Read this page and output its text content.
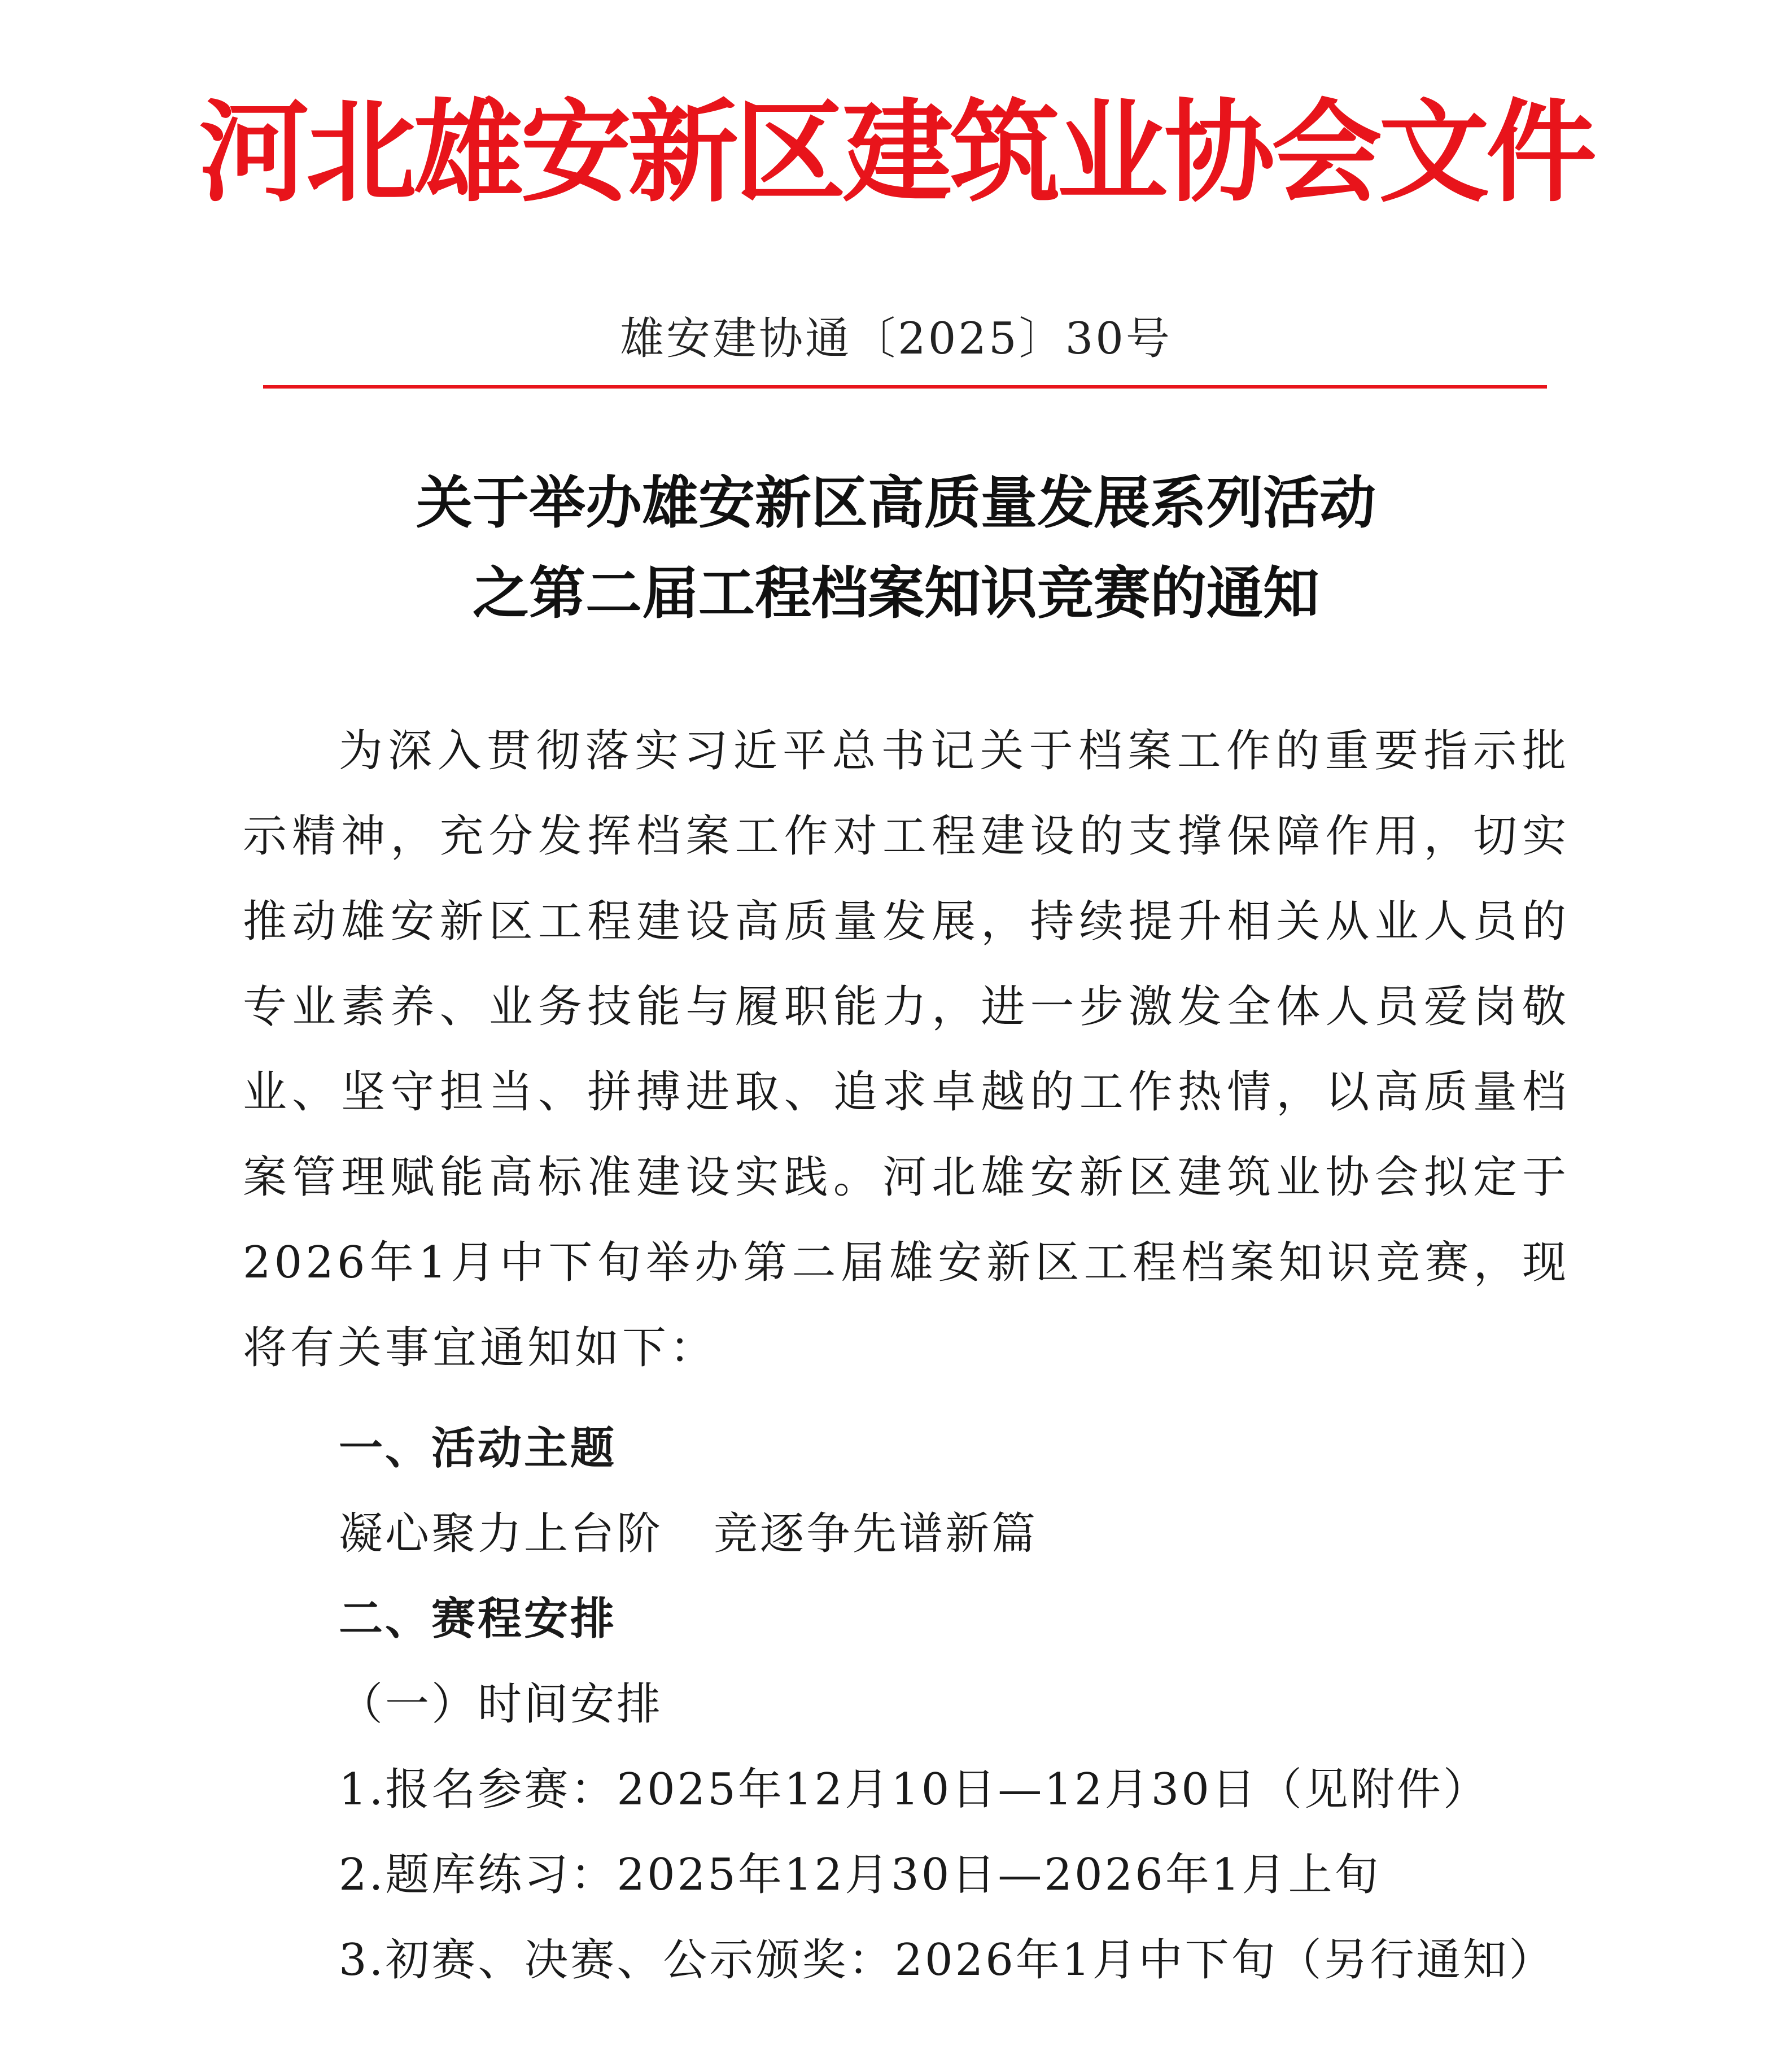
河北雄安新区建筑业协会文件
雄安建协通〔2025〕30号
关于举办雄安新区高质量发展系列活动
之第二届工程档案知识竞赛的通知
为深入贯彻落实习近平总书记关于档案工作的重要指示批示精神，充分发挥档案工作对工程建设的支撑保障作用，切实推动雄安新区工程建设高质量发展，持续提升相关从业人员的专业素养、业务技能与履职能力，进一步激发全体人员爱岗敬业、坚守担当、拼搏进取、追求卓越的工作热情，以高质量档案管理赋能高标准建设实践。河北雄安新区建筑业协会拟定于2026年1月中下旬举办第二届雄安新区工程档案知识竞赛，现将有关事宜通知如下：
一、活动主题
凝心聚力上台阶 竞逐争先谱新篇
二、赛程安排
（一）时间安排
1.报名参赛：2025年12月10日—12月30日（见附件）
2.题库练习：2025年12月30日—2026年1月上旬
3.初赛、决赛、公示颁奖：2026年1月中下旬（另行通知）
